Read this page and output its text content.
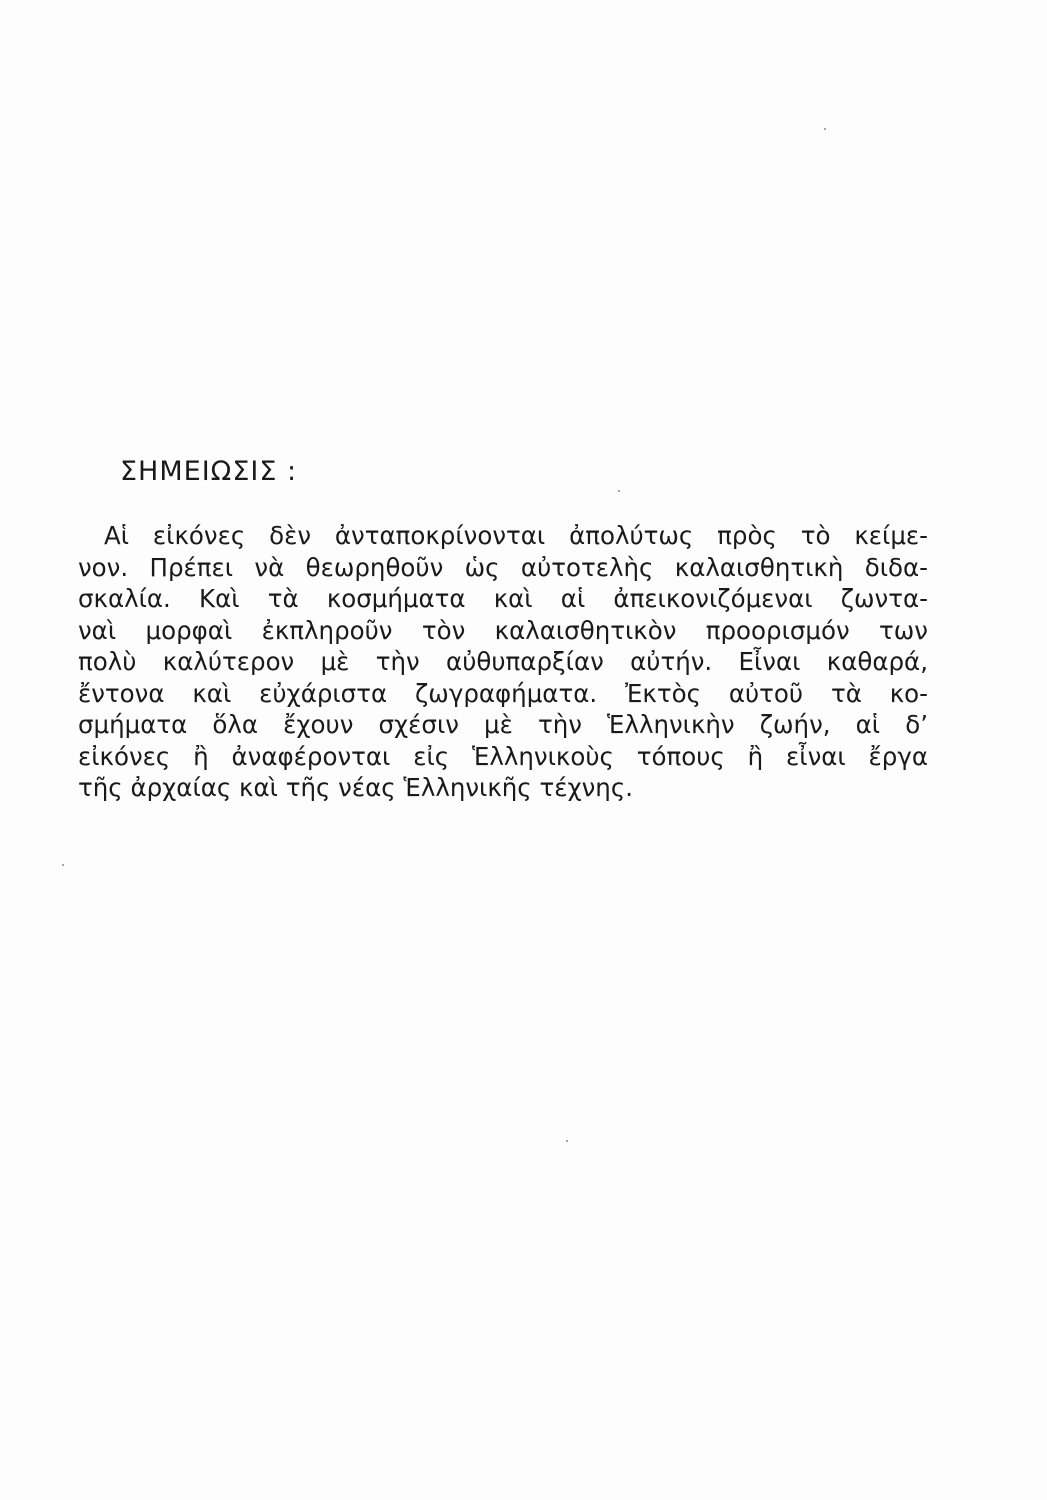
ΣΗΜΕΙΩΣΙΣ :
Αἱ εἰκόνες δὲν ἀνταποκρίνονται ἀπολύτως πρὸς τὸ κείμε-
νον. Πρέπει νὰ θεωρηθοῦν ὡς αὐτοτελὴς καλαισθητικὴ διδα-
σκαλία. Καὶ τὰ κοσμήματα καὶ αἱ ἀπεικονιζόμεναι ζωντα-
ναὶ μορφαὶ ἐκπληροῦν τὸν καλαισθητικὸν προορισμόν των
πολὺ καλύτερον μὲ τὴν αὐθυπαρξίαν αὐτήν. Εἶναι καθαρά,
ἔντονα καὶ εὐχάριστα ζωγραφήματα. Ἐκτὸς αὐτοῦ τὰ κο-
σμήματα ὅλα ἔχουν σχέσιν μὲ τὴν Ἑλληνικὴν ζωήν, αἱ δ’
εἰκόνες ἢ ἀναφέρονται εἰς Ἑλληνικοὺς τόπους ἢ εἶναι ἔργα
τῆς ἀρχαίας καὶ τῆς νέας Ἑλληνικῆς τέχνης.
